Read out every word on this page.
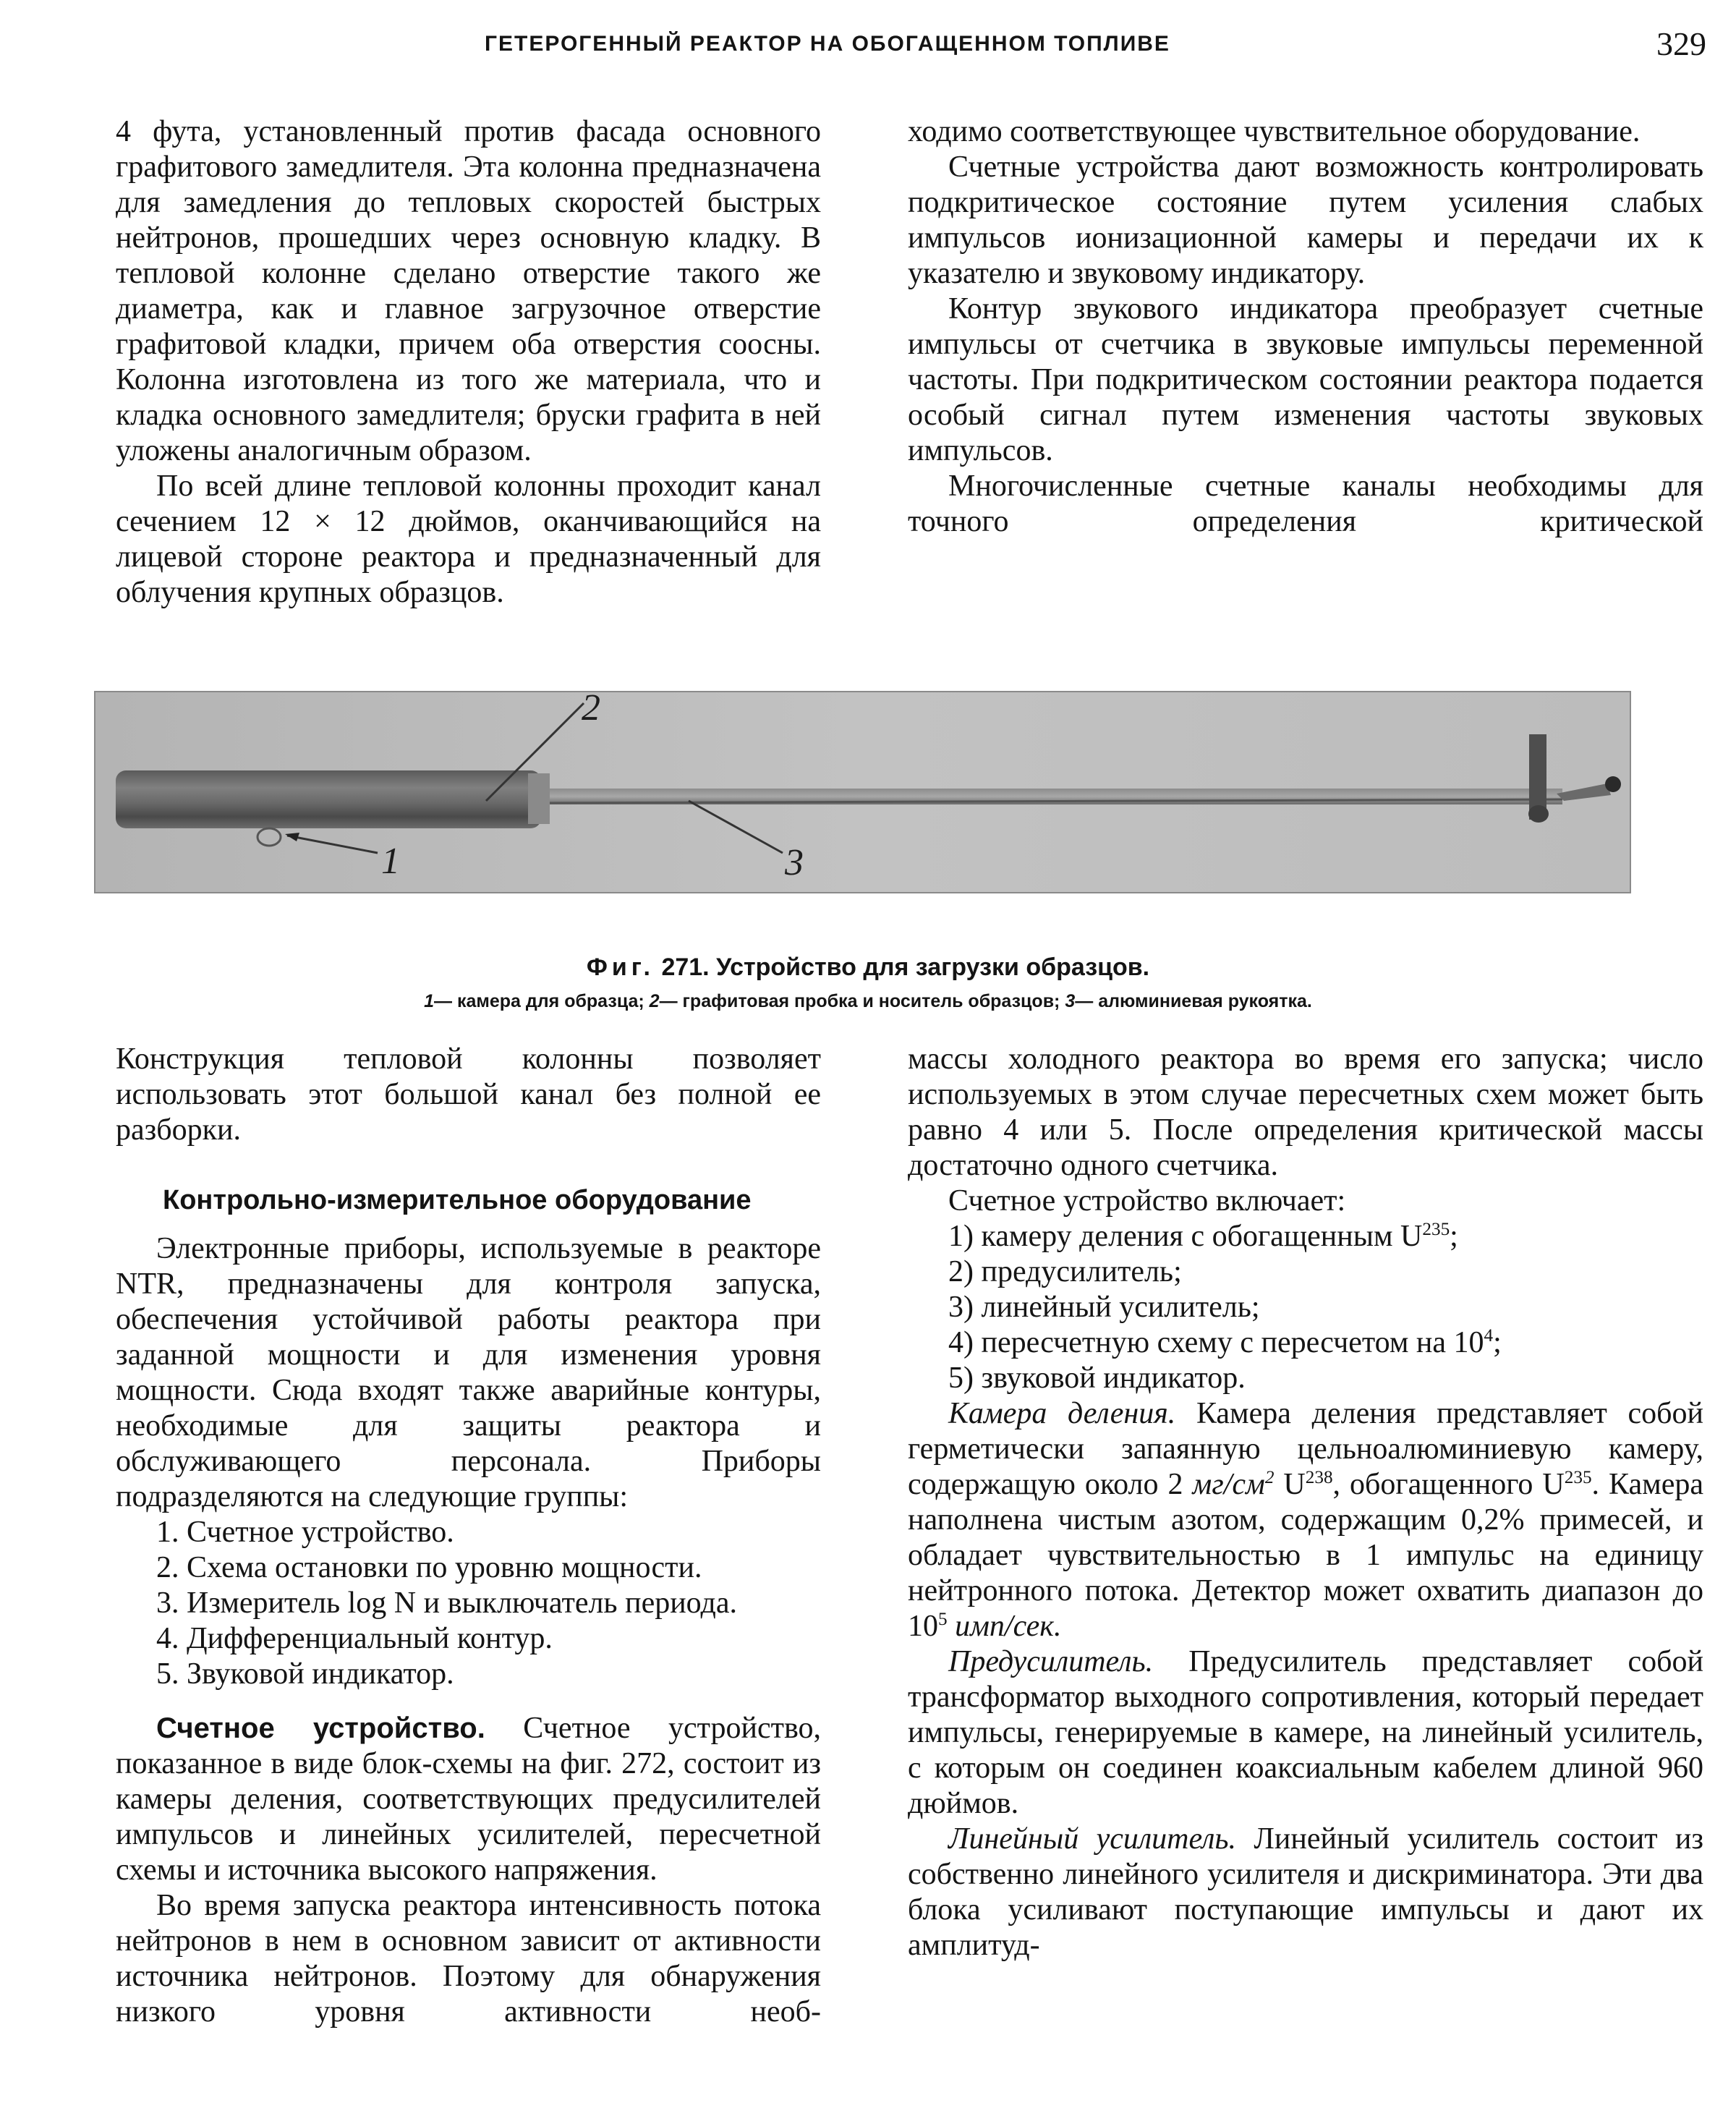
ГЕТЕРОГЕННЫЙ РЕАКТОР НА ОБОГАЩЕННОМ ТОПЛИВЕ	329

4 фута, установленный против фасада основного графитового замедлителя. Эта колонна предназначена для замедления до тепловых скоростей быстрых нейтронов, прошедших через основную кладку. В тепловой колонне сделано отверстие такого же диаметра, как и главное загрузочное отверстие графитовой кладки, причем оба отверстия соосны. Колонна изготовлена из того же материала, что и кладка основного замедлителя; бруски графита в ней уложены аналогичным образом.

По всей длине тепловой колонны проходит канал сечением 12 × 12 дюймов, оканчивающийся на лицевой стороне реактора и предназначенный для облучения крупных образцов.

ходимо соответствующее чувствительное оборудование.

Счетные устройства дают возможность контролировать подкритическое состояние путем усиления слабых импульсов ионизационной камеры и передачи их к указателю и звуковому индикатору.

Контур звукового индикатора преобразует счетные импульсы от счетчика в звуковые импульсы переменной частоты. При подкритическом состоянии реактора подается особый сигнал путем изменения частоты звуковых импульсов.

Многочисленные счетные каналы необходимы для точного определения критической

1
2
3
Фиг. 271. Устройство для загрузки образцов.
1— камера для образца; 2— графитовая пробка и носитель образцов; 3— алюминиевая рукоятка.

Конструкция тепловой колонны позволяет использовать этот большой канал без полной ее разборки.

Контрольно-измерительное оборудование

Электронные приборы, используемые в реакторе NTR, предназначены для контроля запуска, обеспечения устойчивой работы реактора при заданной мощности и для изменения уровня мощности. Сюда входят также аварийные контуры, необходимые для защиты реактора и обслуживающего персонала. Приборы подразделяются на следующие группы:

1. Счетное устройство.
2. Схема остановки по уровню мощности.
3. Измеритель log N и выключатель периода.
4. Дифференциальный контур.
5. Звуковой индикатор.

Счетное устройство. Счетное устройство, показанное в виде блок-схемы на фиг. 272, состоит из камеры деления, соответствующих предусилителей импульсов и линейных усилителей, пересчетной схемы и источника высокого напряжения.

Во время запуска реактора интенсивность потока нейтронов в нем в основном зависит от активности источника нейтронов. Поэтому для обнаружения низкого уровня активности необ-

массы холодного реактора во время его запуска; число используемых в этом случае пересчетных схем может быть равно 4 или 5. После определения критической массы достаточно одного счетчика.

Счетное устройство включает:

1) камеру деления с обогащенным $U^{235}$;
2) предусилитель;
3) линейный усилитель;
4) пересчетную схему с пересчетом на $10^4$;
5) звуковой индикатор.

Камера деления. Камера деления представляет собой герметически запаянную цельноалюминиевую камеру, содержащую около 2 $мг/см^2$ $U^{238}$, обогащенного $U^{235}$. Камера наполнена чистым азотом, содержащим 0,2% примесей, и обладает чувствительностью в 1 импульс на единицу нейтронного потока. Детектор может охватить диапазон до $10^5$ имп/сек.

Предусилитель. Предусилитель представляет собой трансформатор выходного сопротивления, который передает импульсы, генерируемые в камере, на линейный усилитель, с которым он соединен коаксиальным кабелем длиной 960 дюймов.

Линейный усилитель. Линейный усилитель состоит из собственно линейного усилителя и дискриминатора. Эти два блока усиливают поступающие импульсы и дают их амплитуд-
